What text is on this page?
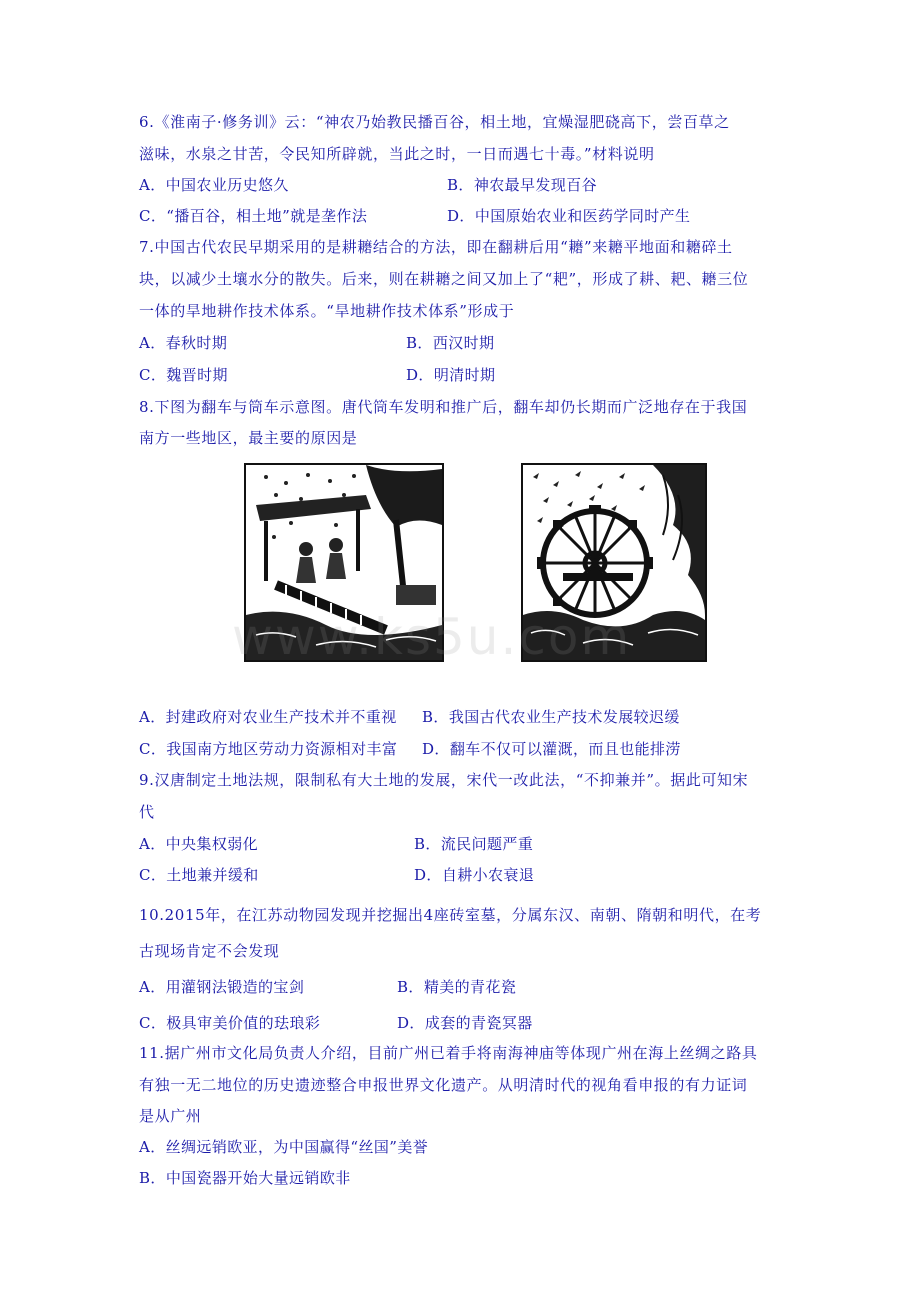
6.《淮南子·修务训》云：“神农乃始教民播百谷，相土地，宜燥湿肥硗高下，尝百草之
滋味，水泉之甘苦，令民知所辟就，当此之时，一日而遇七十毒。”材料说明
A．中国农业历史悠久	B．神农最早发现百谷
C．“播百谷，相土地”就是垄作法	D．中国原始农业和医药学同时产生
7.中国古代农民早期采用的是耕耱结合的方法，即在翻耕后用“耱”来耱平地面和耱碎土
块，以减少土壤水分的散失。后来，则在耕耱之间又加上了“耙”，形成了耕、耙、耱三位
一体的旱地耕作技术体系。“旱地耕作技术体系”形成于
A．春秋时期	B．西汉时期
C．魏晋时期	D．明清时期
8.下图为翻车与筒车示意图。唐代筒车发明和推广后，翻车却仍长期而广泛地存在于我国
南方一些地区，最主要的原因是
www.ks5u.com
A．封建政府对农业生产技术并不重视 B．我国古代农业生产技术发展较迟缓
C．我国南方地区劳动力资源相对丰富 D．翻车不仅可以灌溉，而且也能排涝
9.汉唐制定土地法规，限制私有大土地的发展，宋代一改此法，“不抑兼并”。据此可知宋
代
A．中央集权弱化	B．流民问题严重
C．土地兼并缓和	D．自耕小农衰退
10.2015年，在江苏动物园发现并挖掘出4座砖室墓，分属东汉、南朝、隋朝和明代，在考
古现场肯定不会发现
A．用灌钢法锻造的宝剑	B．精美的青花瓷
C．极具审美价值的珐琅彩	D．成套的青瓷冥器
11.据广州市文化局负责人介绍，目前广州已着手将南海神庙等体现广州在海上丝绸之路具
有独一无二地位的历史遗迹整合申报世界文化遗产。从明清时代的视角看申报的有力证词
是从广州
A．丝绸远销欧亚，为中国赢得“丝国”美誉
B．中国瓷器开始大量远销欧非
